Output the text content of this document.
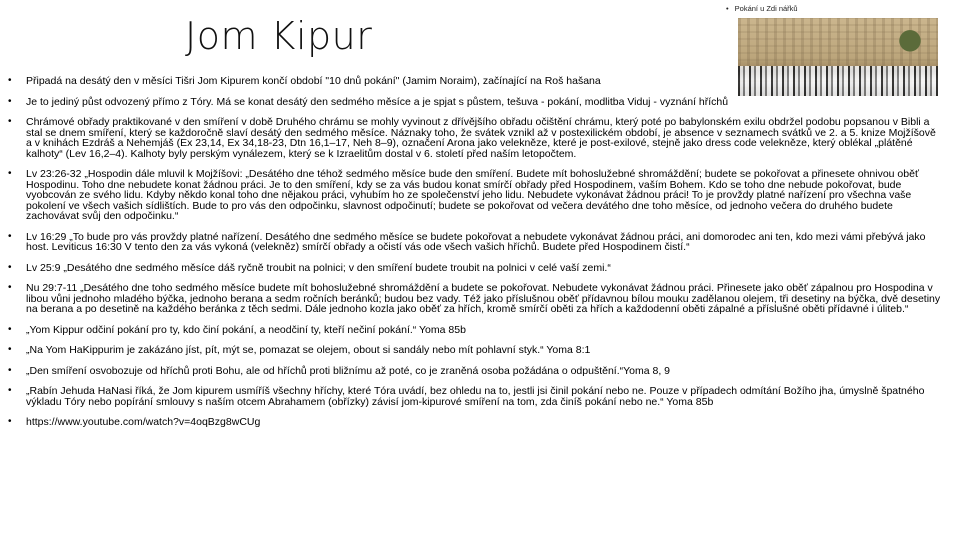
Jom Kipur
• Pokání u Zdi nářků
• Připadá na desátý den v měsíci Tišri Jom Kipurem končí období "10 dnů pokání" (Jamim Noraim), začínající na Roš hašana
• Je to jediný půst odvozený přímo z Tóry. Má se konat desátý den sedmého měsíce a je spjat s půstem, tešuva - pokání, modlitba Viduj - vyznání hříchů
• Chrámové obřady praktikované v den smíření v době Druhého chrámu se mohly vyvinout z dřívějšího obřadu očištění chrámu, který poté po babylonském exilu obdržel podobu popsanou v Bibli a stal se dnem smíření, který se každoročně slaví desátý den sedmého měsíce. Náznaky toho, že svátek vznikl až v postexilickém období, je absence v seznamech svátků ve 2. a 5. knize Mojžíšově a v knihách Ezdráš a Nehemjáš (Ex 23,14, Ex 34,18-23, Dtn 16,1–17, Neh 8–9), označení Arona jako velekněze, které je post-exilové, stejně jako dress code velekněze, který oblékal „plátěné kalhoty“ (Lev 16,2–4). Kalhoty byly perským vynálezem, který se k Izraelitům dostal v 6. století před naším letopočtem.
• Lv 23:26-32 „Hospodin dále mluvil k Mojžíšovi: „Desátého dne téhož sedmého měsíce bude den smíření. Budete mít bohoslužebné shromáždění; budete se pokořovat a přinesete ohnivou oběť Hospodinu. Toho dne nebudete konat žádnou práci. Je to den smíření, kdy se za vás budou konat smírčí obřady před Hospodinem, vaším Bohem. Kdo se toho dne nebude pokořovat, bude vyobcován ze svého lidu. Kdyby někdo konal toho dne nějakou práci, vyhubím ho ze společenství jeho lidu. Nebudete vykonávat žádnou práci! To je provždy platné nařízení pro všechna vaše pokolení ve všech vašich sídlištích. Bude to pro vás den odpočinku, slavnost odpočinutí; budete se pokořovat od večera devátého dne toho měsíce, od jednoho večera do druhého budete zachovávat svůj den odpočinku.“
• Lv 16:29 „To bude pro vás provždy platné nařízení. Desátého dne sedmého měsíce se budete pokořovat a nebudete vykonávat žádnou práci, ani domorodec ani ten, kdo mezi vámi přebývá jako host. Leviticus 16:30 V tento den za vás vykoná (velekněz) smírčí obřady a očistí vás ode všech vašich hříchů. Budete před Hospodinem čistí.“
• Lv 25:9 „Desátého dne sedmého měsíce dáš ryčně troubit na polnici; v den smíření budete troubit na polnici v celé vaší zemi.“
• Nu 29:7-11 „Desátého dne toho sedmého měsíce budete mít bohoslužebné shromáždění a budete se pokořovat. Nebudete vykonávat žádnou práci. Přinesete jako oběť zápalnou pro Hospodina v libou vůni jednoho mladého býčka, jednoho berana a sedm ročních beránků; budou bez vady. Též jako příslušnou oběť přídavnou bílou mouku zadělanou olejem, tři desetiny na býčka, dvě desetiny na berana a po desetině na každého beránka z těch sedmi. Dále jednoho kozla jako oběť za hřích, kromě smírčí oběti za hřích a každodenní oběti zápalné a příslušné oběti přídavné i úliteb.“
• „Yom Kippur odčiní pokání pro ty, kdo činí pokání, a neodčiní ty, kteří nečiní pokání.“ Yoma 85b
• „Na Yom HaKippurim je zakázáno jíst, pít, mýt se, pomazat se olejem, obout si sandály nebo mít pohlavní styk.“ Yoma 8:1
• „Den smíření osvobozuje od hříchů proti Bohu, ale od hříchů proti bližnímu až poté, co je zraněná osoba požádána o odpuštění.“Yoma 8, 9
• „Rabín Jehuda HaNasi říká, že Jom kipurem usmíříš všechny hříchy, které Tóra uvádí, bez ohledu na to, jestli jsi činil pokání nebo ne. Pouze v případech odmítání Božího jha, úmyslně špatného výkladu Tóry nebo popírání smlouvy s naším otcem Abrahamem (obřízky) závisí jom-kipurové smíření na tom, zda činíš pokání nebo ne.“ Yoma 85b
• https://www.youtube.com/watch?v=4oqBzg8wCUg
